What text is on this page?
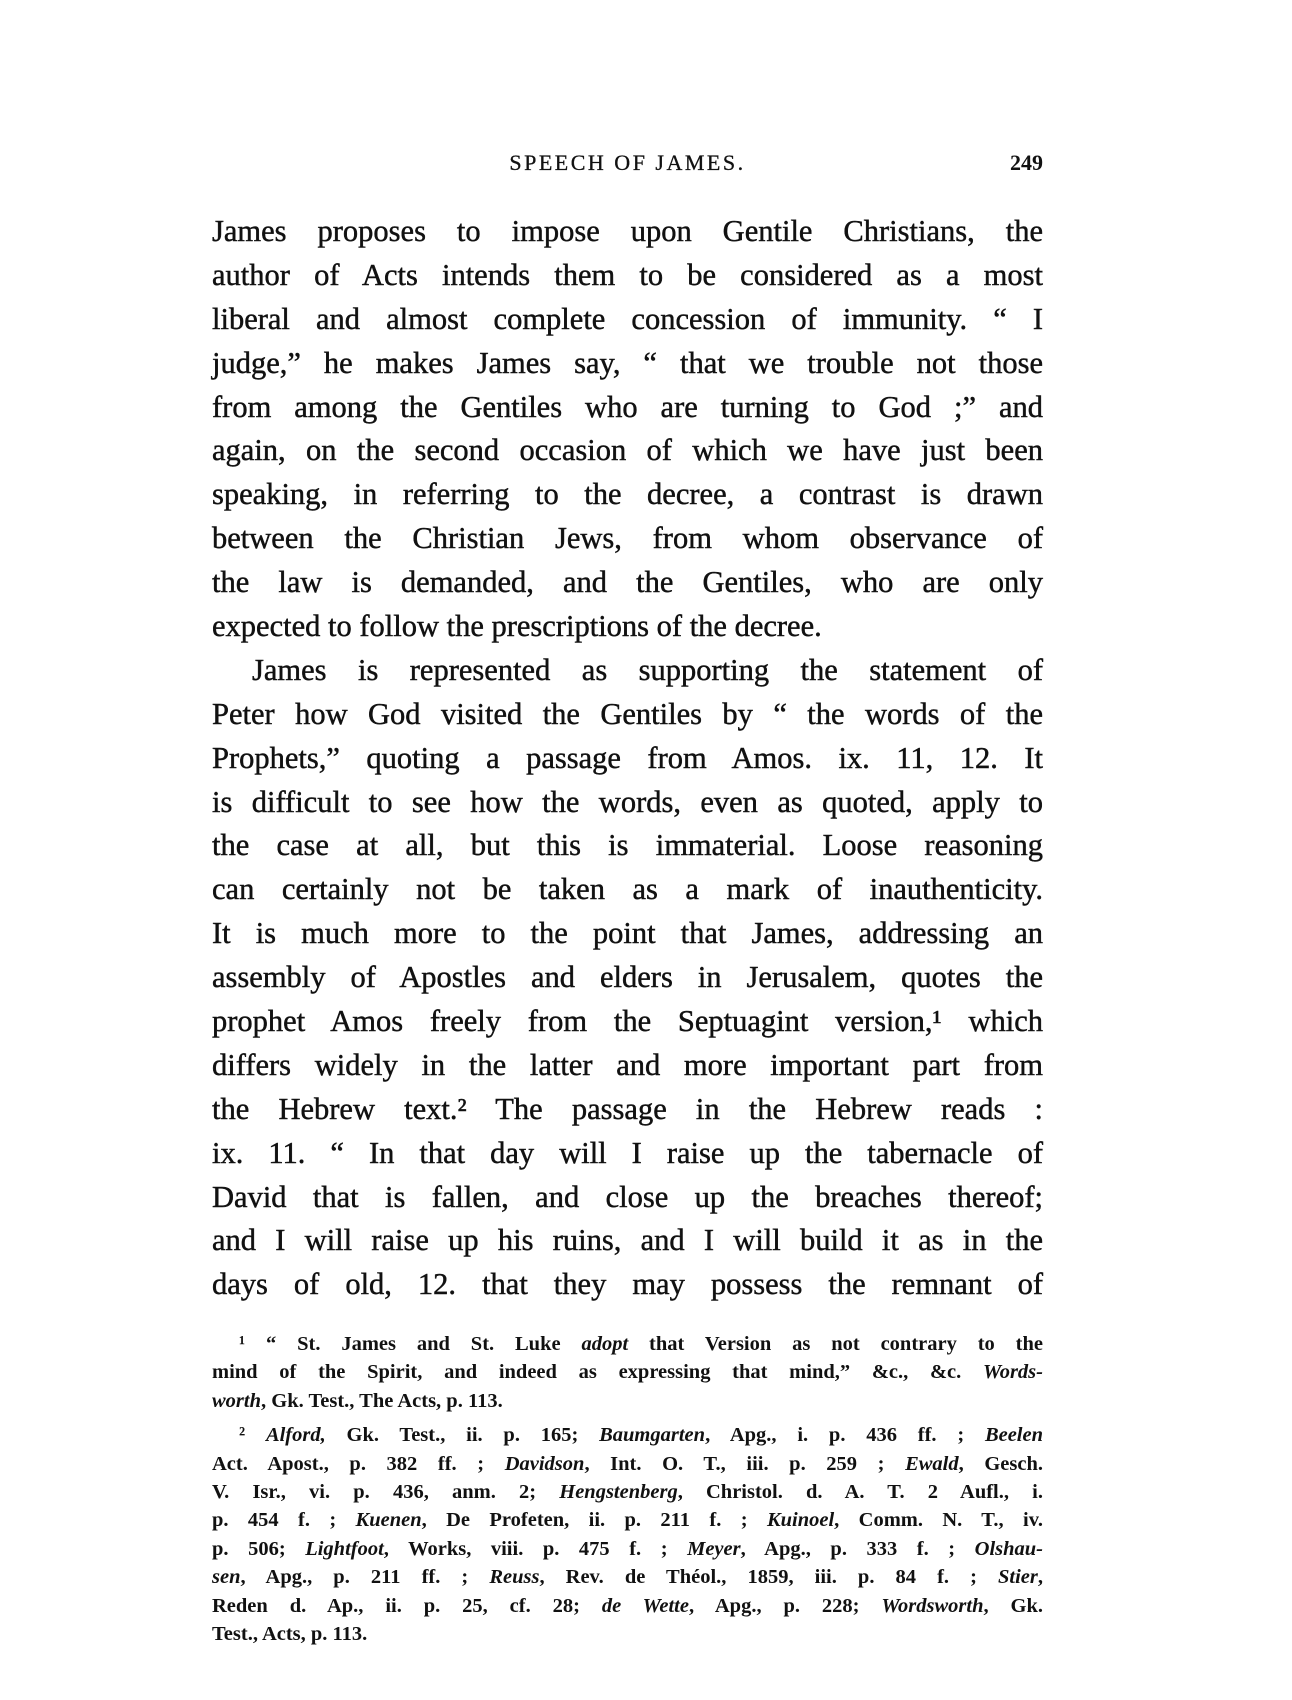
SPEECH OF JAMES.	249
James proposes to impose upon Gentile Christians, the
author of Acts intends them to be considered as a most
liberal and almost complete concession of immunity. “ I
judge,” he makes James say, “ that we trouble not those
from among the Gentiles who are turning to God ;” and
again, on the second occasion of which we have just been
speaking, in referring to the decree, a contrast is drawn
between the Christian Jews, from whom observance of
the law is demanded, and the Gentiles, who are only
expected to follow the prescriptions of the decree.
James is represented as supporting the statement of
Peter how God visited the Gentiles by “ the words of the
Prophets,” quoting a passage from Amos. ix. 11, 12. It
is difficult to see how the words, even as quoted, apply to
the case at all, but this is immaterial. Loose reasoning
can certainly not be taken as a mark of inauthenticity.
It is much more to the point that James, addressing an
assembly of Apostles and elders in Jerusalem, quotes the
prophet Amos freely from the Septuagint version,¹ which
differs widely in the latter and more important part from
the Hebrew text.² The passage in the Hebrew reads :
ix. 11. “ In that day will I raise up the tabernacle of
David that is fallen, and close up the breaches thereof;
and I will raise up his ruins, and I will build it as in the
days of old, 12. that they may possess the remnant of
¹ “ St. James and St. Luke adopt that Version as not contrary to the
mind of the Spirit, and indeed as expressing that mind,” &c., &c. Words-
worth, Gk. Test., The Acts, p. 113.
² Alford, Gk. Test., ii. p. 165; Baumgarten, Apg., i. p. 436 ff. ; Beelen
Act. Apost., p. 382 ff. ; Davidson, Int. O. T., iii. p. 259 ; Ewald, Gesch.
V. Isr., vi. p. 436, anm. 2; Hengstenberg, Christol. d. A. T. 2 Aufl., i.
p. 454 f. ; Kuenen, De Profeten, ii. p. 211 f. ; Kuinoel, Comm. N. T., iv.
p. 506; Lightfoot, Works, viii. p. 475 f. ; Meyer, Apg., p. 333 f. ; Olshau-
sen, Apg., p. 211 ff. ; Reuss, Rev. de Théol., 1859, iii. p. 84 f. ; Stier,
Reden d. Ap., ii. p. 25, cf. 28; de Wette, Apg., p. 228; Wordsworth, Gk.
Test., Acts, p. 113.
